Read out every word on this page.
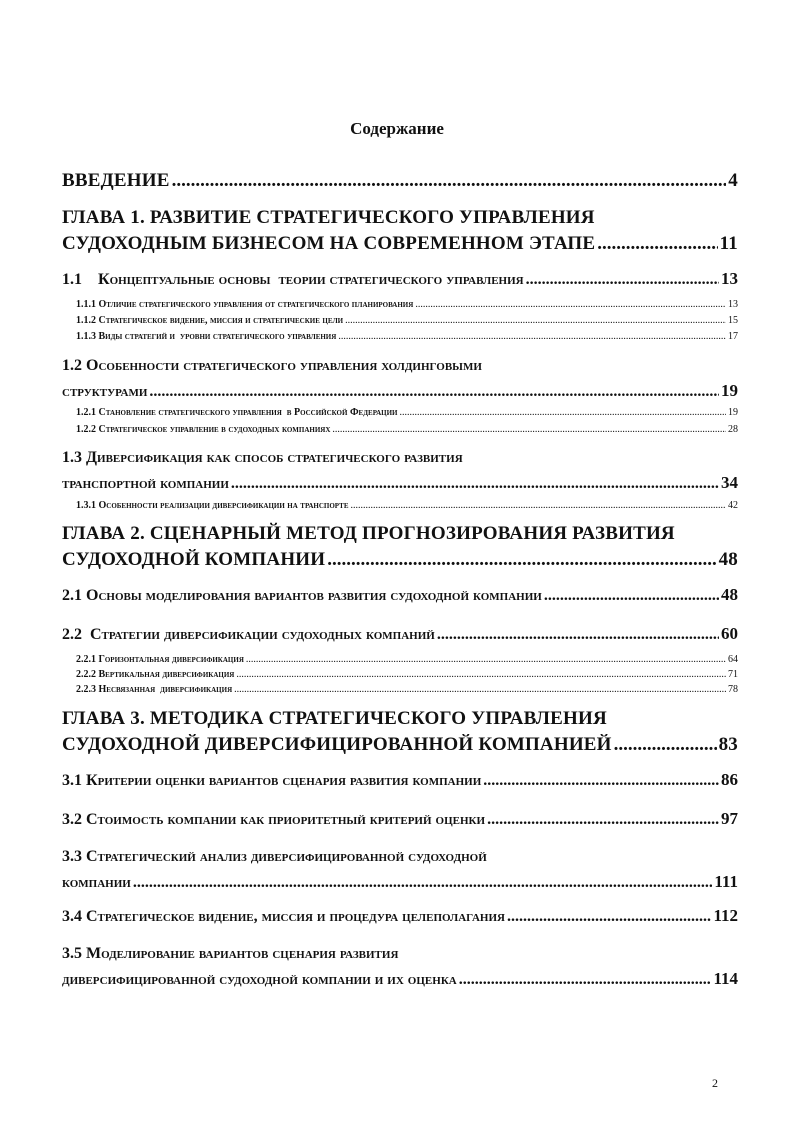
Содержание
ВВЕДЕНИЕ .....	4
ГЛАВА 1. РАЗВИТИЕ СТРАТЕГИЧЕСКОГО УПРАВЛЕНИЯ
СУДОХОДНЫМ БИЗНЕСОМ НА СОВРЕМЕННОМ ЭТАПЕ .....	11
1.1    Концептуальные основы  теории стратегического управления .....	13
1.1.1 Отличие стратегического управления от стратегического планирования .....	13
1.1.2 Стратегическое видение, миссия и стратегические цели .....	15
1.1.3 Виды стратегий и  уровни стратегического управления .....	17
1.2 Особенности стратегического управления холдинговыми
структурами .....	19
1.2.1 Становление стратегического управления  в Российской Федерации .....	19
1.2.2 Стратегическое управление в судоходных компаниях .....	28
1.3 Диверсификация как способ стратегического развития
транспортной компании .....	34
1.3.1 Особенности реализации диверсификации на транспорте .....	42
ГЛАВА 2. СЦЕНАРНЫЙ МЕТОД ПРОГНОЗИРОВАНИЯ РАЗВИТИЯ
СУДОХОДНОЙ КОМПАНИИ .....	48
2.1 Основы моделирования вариантов развития судоходной компании .....	48
2.2  Стратегии диверсификации судоходных компаний .....	60
2.2.1 Горизонтальная диверсификация .....	64
2.2.2 Вертикальная диверсификация .....	71
2.2.3 Несвязанная  диверсификация .....	78
ГЛАВА 3. МЕТОДИКА СТРАТЕГИЧЕСКОГО УПРАВЛЕНИЯ
СУДОХОДНОЙ ДИВЕРСИФИЦИРОВАННОЙ КОМПАНИЕЙ .....	83
3.1 Критерии оценки вариантов сценария развития компании .....	86
3.2 Стоимость компании как приоритетный критерий оценки .....	97
3.3 Стратегический анализ диверсифицированной судоходной
компании .....	111
3.4 Стратегическое видение, миссия и процедура целеполагания .....	112
3.5 Моделирование вариантов сценария развития
диверсифицированной судоходной компании и их оценка .....	114
2
